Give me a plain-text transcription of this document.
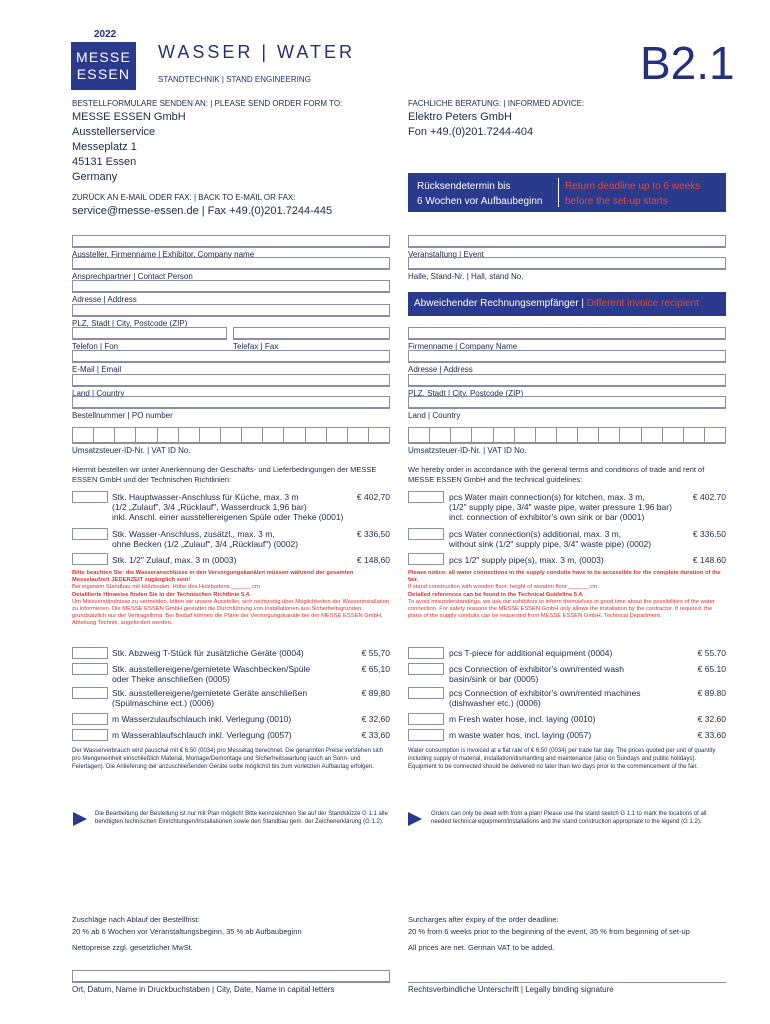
2022
MESSE
ESSEN
WASSER | WATER
STANDTECHNIK | STAND ENGINEERING	B2.1
BESTELLFORMULARE SENDEN AN: | PLEASE SEND ORDER FORM TO:
MESSE ESSEN GmbH
Ausstellerservice
Messeplatz 1
45131 Essen
Germany
FACHLICHE BERATUNG: | INFORMED ADVICE:
Elektro Peters GmbH
Fon +49.(0)201.7244-404
Rücksendetermin bis
6 Wochen vor Aufbaubeginn
Return deadline up to 6 weeks
before the set-up starts
ZURÜCK AN E-MAIL ODER FAX: | BACK TO E-MAIL OR FAX:
service@messe-essen.de | Fax +49.(0)201.7244-445
Aussteller, Firmenname | Exhibitor, Company name
Ansprechpartner | Contact Person
Adresse | Address
PLZ, Stadt | City, Postcode (ZIP)
Telefon | Fon	Telefax | Fax
E-Mail | Email
Land | Country
Bestellnummer | PO number
Umsatzsteuer-ID-Nr. | VAT ID No.
Veranstaltung | Event
Halle, Stand-Nr. | Hall, stand No.
Abweichender Rechnungsempfänger | Different invoice recipient
Firmenname | Company Name
Adresse | Address
PLZ, Stadt | City, Postcode (ZIP)
Land | Country
Umsatzsteuer-ID-Nr. | VAT ID No.
Hiermit bestellen wir unter Anerkennung der Geschäfts- und Lieferbedingungen der MESSE ESSEN GmbH und der Technischen Richtlinien:
We hereby order in accordance with the general terms and conditions of trade and rent of MESSE ESSEN GmbH and the technical guidelines:
Stk. Hauptwasser-Anschluss für Küche, max. 3 m
(1/2 „Zulauf", 3/4 „Rücklauf", Wasserdruck 1,96 bar)
inkl. Anschl. einer ausstellereigenen Spüle oder Theke (0001)
€ 402,70
Stk. Wasser-Anschluss, zusätzl., max. 3 m,
ohne Becken (1/2 „Zulauf", 3/4 „Rücklauf") (0002)
€ 336,50
Stk. 1/2" Zulauf, max. 3 m (0003)	€ 148,60
pcs Water main connection(s) for kitchen, max. 3 m,
(1/2" supply pipe, 3/4" waste pipe, water pressure 1.96 bar)
incl. connection of exhibitor's own sink or bar (0001)
€ 402.70
pcs Water connection(s) additional, max. 3 m,
without sink (1/2" supply pipe, 3/4" waste pipe) (0002)
€ 336.50
pcs 1/2" supply pipe(s), max. 3 m, (0003)	€ 148.60
Bitte beachten Sie: die Wasseranschlüsse in den Versorgungskanälen müssen während der gesamten Messelaufzeit JEDERZEIT zugänglich sein!
Bei eigenem Standbau mit Holzboden: Höhe des Holzbodens ______ cm
Detaillierte Hinweise finden Sie in der Technischen Richtlinie 5.4.
Um Missverständnisse zu vermeiden, bitten wir unsere Aussteller, sich rechtzeitig über Möglichkeiten der Wasserinstallation zu informieren. Die MESSE ESSEN GmbH gestattet die Durchführung von Installationen aus Sicherheitsgründen grundsätzlich nur der Vertragsfirma. Bei Bedarf können die Pläne der Versorgungskanäle bei der MESSE ESSEN GmbH, Abteilung Technik, angefordert werden.
Please notice: all water connections in the supply conduits have to be accessible for the complete duration of the fair.
If stand construction with wooden floor: height of wooden floor ______ cm
Detailed references can be found in the Technical Guideline 5.4.
To avoid misunderstandings, we ask our exhibitors to inform themselves in good time about the possibilities of the water connection. For safety reasons the MESSE ESSEN GmbH only allows the installation by the contractor. If required, the plans of the supply conduits can be requested from MESSE ESSEN GmbH, Technical Department.
Stk. Abzweig T-Stück für zusätzliche Geräte (0004)	€ 55,70
Stk. ausstellereigene/gemietete Waschbecken/Spüle
oder Theke anschließen (0005)
€ 65,10
Stk. ausstellereigene/gemietete Geräte anschließen
(Spülmaschine ect.) (0006)
€ 89,80
m Wasserzulaufschlauch inkl. Verlegung (0010)	€ 32,60
m Wasserablaufschlauch inkl. Verlegung (0057)	€ 33,60
pcs T-piece for additional equipment (0004)	€ 55.70
pcs Connection of exhibitor's own/rented wash
basin/sink or bar (0005)
€ 65.10
pcs Connection of exhibitor's own/rented machines
(dishwasher etc.) (0006)
€ 89.80
m Fresh water hose, incl. laying (0010)	€ 32.60
m waste water hos, incl. laying (0057)	€ 33.60
Der Wasserverbrauch wird pauschal mit € 6,50 (0034) pro Messetag berechnet. Die genannten Preise verstehen sich pro Mengeneinheit einschließlich Material, Montage/Demontage und Sicherheitswartung (auch an Sonn- und Feiertagen). Die Anlieferung der anzuschließenden Geräte sollte möglichst bis zum vorletzten Aufbautag erfolgen.
Water consumption is invoiced at a flat rate of € 6.50 (0034) per trade fair day. The prices quoted per unit of quantity including supply of material, installation/dismantling and maintenance (also on Sundays and public holidays). Equipment to be connected should be delivered no later than two days prior to the commencement of the fair.
Die Bearbeitung der Bestellung ist nur mit Plan möglich! Bitte kennzeichnen Sie auf der Standskizze G 1.1 alle benötigten technischen Einrichtungen/Installationen sowie den Standbau gem. der Zeichenerklärung (G 1.2).
Orders can only be dealt with from a plan! Please use the stand sketch G 1.1 to mark the locations of all needed technical equipment/installations and the stand construction appropriate to the legend (G 1.2).
Zuschläge nach Ablauf der Bestellfrist:
20 % ab 6 Wochen vor Veranstaltungsbeginn, 35 % ab Aufbaubeginn
Nettopreise zzgl. gesetzlicher MwSt.
Surcharges after expiry of the order deadline:
20 % from 6 weeks prior to the beginning of the event, 35 % from beginning of set-up
All prices are net. German VAT to be added.
Ort, Datum, Name in Druckbuchstaben | City, Date, Name in capital letters	Rechtsverbindliche Unterschrift | Legally binding signature
